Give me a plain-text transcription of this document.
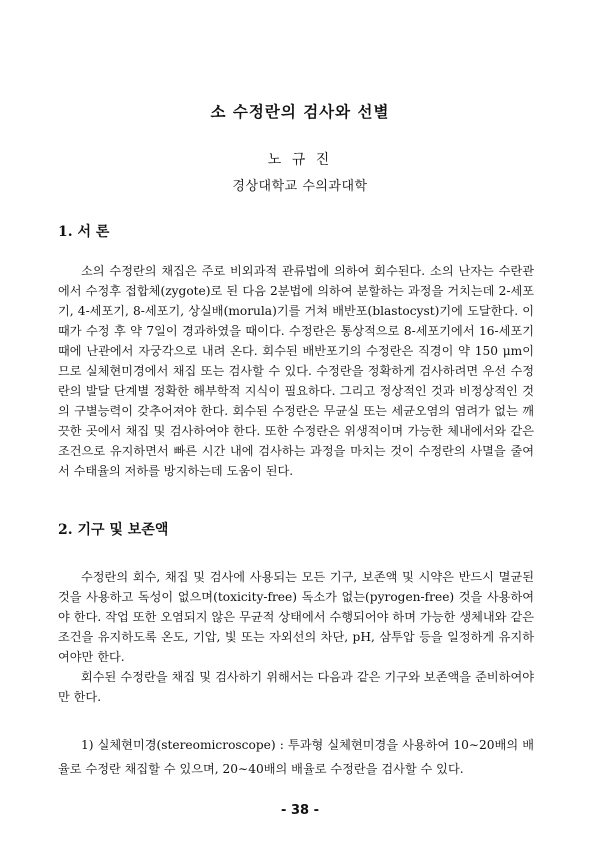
소 수정란의 검사와 선별
노 규 진
경상대학교 수의과대학
1. 서 론

소의 수정란의 채집은 주로 비외과적 관류법에 의하여 회수된다. 소의 난자는 수란관에서 수정후 접합체(zygote)로 된 다음 2분법에 의하여 분할하는 과정을 거치는데 2-세포기, 4-세포기, 8-세포기, 상실배(morula)기를 거쳐 배반포(blastocyst)기에 도달한다. 이때가 수정 후 약 7일이 경과하였을 때이다. 수정란은 통상적으로 8-세포기에서 16-세포기 때에 난관에서 자궁각으로 내려 온다. 회수된 배반포기의 수정란은 직경이 약 150 μm이므로 실체현미경에서 채집 또는 검사할 수 있다. 수정란을 정확하게 검사하려면 우선 수정란의 발달 단계별 정확한 해부학적 지식이 필요하다. 그리고 정상적인 것과 비정상적인 것의 구별능력이 갖추어져야 한다. 회수된 수정란은 무균실 또는 세균오염의 염려가 없는 깨끗한 곳에서 채집 및 검사하여야 한다. 또한 수정란은 위생적이며 가능한 체내에서와 같은 조건으로 유지하면서 빠른 시간 내에 검사하는 과정을 마치는 것이 수정란의 사멸을 줄여서 수태율의 저하를 방지하는데 도움이 된다.

2. 기구 및 보존액

수정란의 회수, 채집 및 검사에 사용되는 모든 기구, 보존액 및 시약은 반드시 멸균된 것을 사용하고 독성이 없으며(toxicity-free) 독소가 없는(pyrogen-free) 것을 사용하여야 한다. 작업 또한 오염되지 않은 무균적 상태에서 수행되어야 하며 가능한 생체내와 같은 조건을 유지하도록 온도, 기압, 빛 또는 자외선의 차단, pH, 삼투압 등을 일정하게 유지하여야만 한다.

회수된 수정란을 채집 및 검사하기 위해서는 다음과 같은 기구와 보존액을 준비하여야만 한다.

1) 실체현미경(stereomicroscope) : 투과형 실체현미경을 사용하여 10∼20배의 배율로 수정란 채집할 수 있으며, 20∼40배의 배율로 수정란을 검사할 수 있다.

- 38 -
